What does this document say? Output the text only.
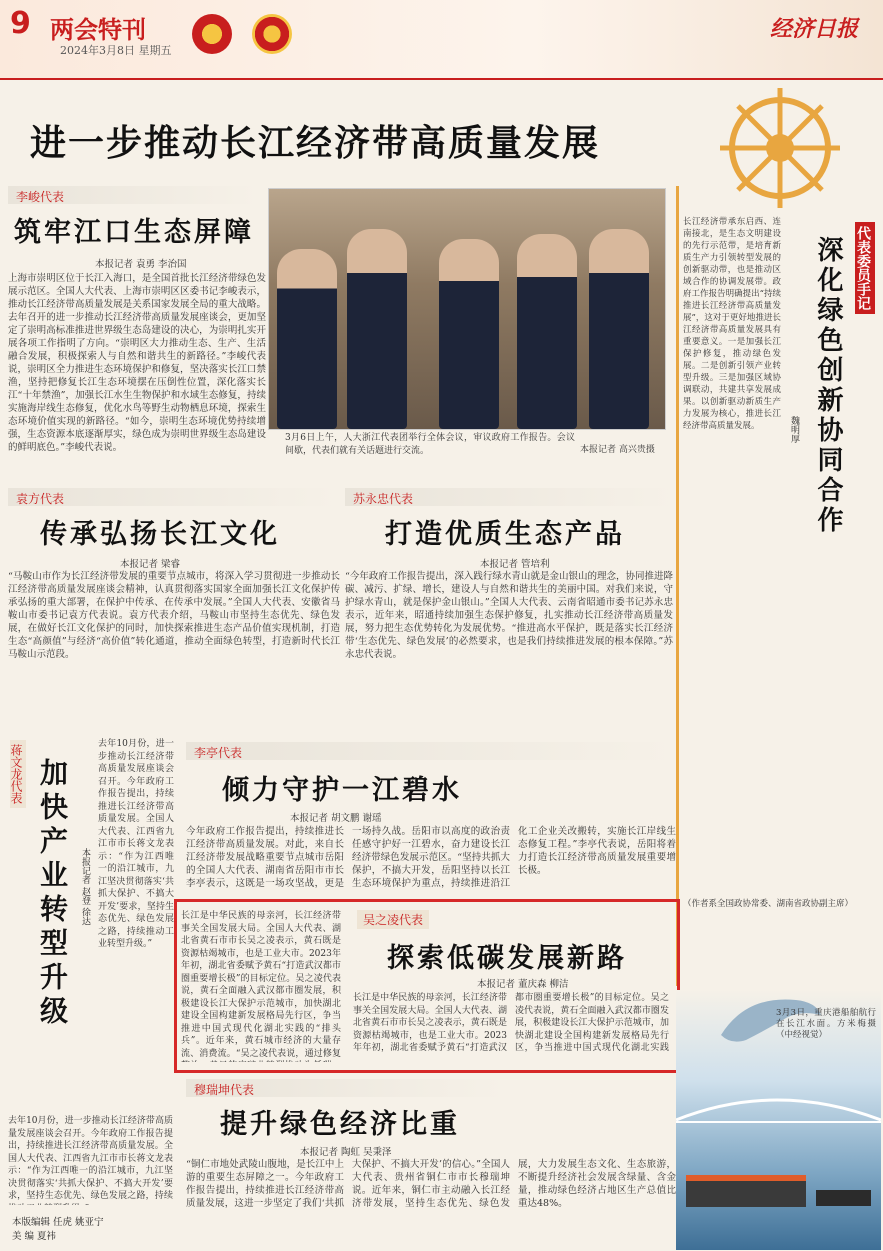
9 两会特刊
2024年3月8日 星期五
经济日报
进一步推动长江经济带高质量发展
李峻代表
筑牢江口生态屏障
本报记者 袁勇 李治国
上海市崇明区位于长江入海口，是全国首批长江经济带绿色发展示范区。全国人大代表、上海市崇明区区委书记李峻表示，推动长江经济带高质量发展是关系国家发展全局的重大战略。去年召开的进一步推动长江经济带高质量发展座谈会，更加坚定了崇明高标准推进世界级生态岛建设的决心，为崇明扎实开展各项工作指明了方向。“崇明区大力推动生态、生产、生活融合发展，积极探索人与自然和谐共生的新路径。”李峻代表说，崇明区全力推进生态环境保护和修复，坚决落实长江口禁渔，坚持把修复长江生态环境摆在压倒性位置，深化落实长江“十年禁渔”，加强长江水生生物保护和水域生态修复，持续实施海岸线生态修复，优化水鸟等野生动物栖息环境，探索生态环境价值实现的新路径。“如今，崇明生态环境优势持续增强，生态资源本底逐渐厚实，绿色成为崇明世界级生态岛建设的鲜明底色。”李峻代表说。
3月6日上午，人大浙江代表团举行全体会议，审议政府工作报告。会议间歇，代表们就有关话题进行交流。	本报记者 高兴贵摄
代表委员手记
深化绿色创新协同合作
魏明厚
长江经济带承东启西、连南接北，是生态文明建设的先行示范带，是培育新质生产力引领转型发展的创新驱动带，也是推动区域合作的协调发展带。政府工作报告明确提出“持续推进长江经济带高质量发展”，这对于更好地推进长江经济带高质量发展具有重要意义。一是加强长江保护修复，推动绿色发展。二是创新引领产业转型升级。三是加强区域协调联动，共建共享发展成果。以创新驱动新质生产力发展为核心，推进长江经济带高质量发展。
（作者系全国政协常委、湖南省政协副主席）
袁方代表
传承弘扬长江文化
本报记者 梁睿
“马鞍山市作为长江经济带发展的重要节点城市，将深入学习贯彻进一步推动长江经济带高质量发展座谈会精神，认真贯彻落实国家全面加强长江文化保护传承弘扬的重大部署，在保护中传承、在传承中发展。”全国人大代表、安徽省马鞍山市委书记袁方代表说。袁方代表介绍，马鞍山市坚持生态优先、绿色发展，在做好长江文化保护的同时，加快探索推进生态产品价值实现机制，打造生态“高颜值”与经济“高价值”转化通道，推动全面绿色转型，打造新时代长江马鞍山示范段。
苏永忠代表
打造优质生态产品
本报记者 管培利
“今年政府工作报告提出，深入践行绿水青山就是金山银山的理念，协同推进降碳、减污、扩绿、增长，建设人与自然和谐共生的美丽中国。对我们来说，守护绿水青山，就是保护金山银山。”全国人大代表、云南省昭通市委书记苏永忠表示，近年来，昭通持续加强生态保护修复，扎实推动长江经济带高质量发展，努力把生态优势转化为发展优势。“推进高水平保护，既是落实长江经济带‘生态优先、绿色发展’的必然要求，也是我们持续推进发展的根本保障。”苏永忠代表说。
蒋文龙代表 加快产业转型升级	本报记者 赵登 徐达
去年10月份，进一步推动长江经济带高质量发展座谈会召开。今年政府工作报告提出，持续推进长江经济带高质量发展。全国人大代表、江西省九江市市长蒋文龙表示：“作为江西唯一的沿江城市，九江坚决贯彻落实‘共抓大保护、不搞大开发’要求，坚持生态优先、绿色发展之路，持续推动工业转型升级。”
去年10月份，进一步推动长江经济带高质量发展座谈会召开。今年政府工作报告提出，持续推进长江经济带高质量发展。全国人大代表、江西省九江市市长蒋文龙表示：“作为江西唯一的沿江城市，九江坚决贯彻落实‘共抓大保护、不搞大开发’要求，坚持生态优先、绿色发展之路，持续
李亭代表
倾力守护一江碧水
本报记者 胡文鹏 谢瑶
今年政府工作报告提出，持续推进长江经济带高质量发展。对此，来自长江经济带发展战略重要节点城市岳阳的全国人大代表、湖南省岳阳市市长李亭表示，这既是一场攻坚战，更是一场持久战。岳阳市以高度的政治责任感守护好一江碧水，奋力建设长江经济带绿色发展示范区。“坚持共抓大保护，不搞大开发，岳阳坚持以长江生态环境保护为重点，持续推进沿江化工企业关改搬转，实施长江岸线生态修复工程。”李亭代表说，岳阳将着力打造长江经济带高质量发展重要增长极。
长江是中华民族的母亲河，长江经济带事关全国发展大局。全国人大代表、湖北省黄石市市长吴之凌表示，黄石既是资源枯竭城市，也是工业大市。2023年年初，湖北省委赋予黄石“打造武汉都市圈重要增长极”的目标定位。吴之凌代表说，黄石全面融入武汉都市圈发展，积极建设长江大保护示范城市，加快湖北建设全国构建新发展格局先行区，争当推进中国式现代化湖北实践的“排头兵”。近年来，黄石城市经济的大量存流、消费流。“吴之凌代表说，通过修复
吴之凌代表
探索低碳发展新路
本报记者 董庆森 柳洁
长江是中华民族的母亲河，长江经济带事关全国发展大局。全国人大代表、湖北省黄石市市长吴之凌表示，黄石既是资源枯竭城市，也是工业大市。2023年年初，湖北省委赋予黄石“打造武汉都市圈重要增长极”的目标定位。吴之凌代表说，黄石全面融入武汉都市圈发展，积极建设长江大保护示范城市，加快湖北建设全国构建新发展格局先行区，争当推进中国式现代化湖北实践
穆瑞坤代表
提升绿色经济比重
本报记者 陶虹 吴秉泽
“铜仁市地处武陵山腹地，是长江中上游的重要生态屏障之一。今年政府工作报告提出，持续推进长江经济带高质量发展，这进一步坚定了我们‘共抓大保护、不搞大开发’的信心。”全国人大代表、贵州省铜仁市市长穆瑞坤说。近年来，铜仁市主动融入长江经济带发展，坚持生态优先、绿色发展，大力发展生态文化、生态旅游，不断提升经济社会发展含绿量、含金量，推动绿色经济占地区生产总值比重达48%。
3月3日，重庆港船舶航行在长江水面。方米梅摄（中经视觉）
本版编辑 任虎 姚亚宁
美 编 夏祎
